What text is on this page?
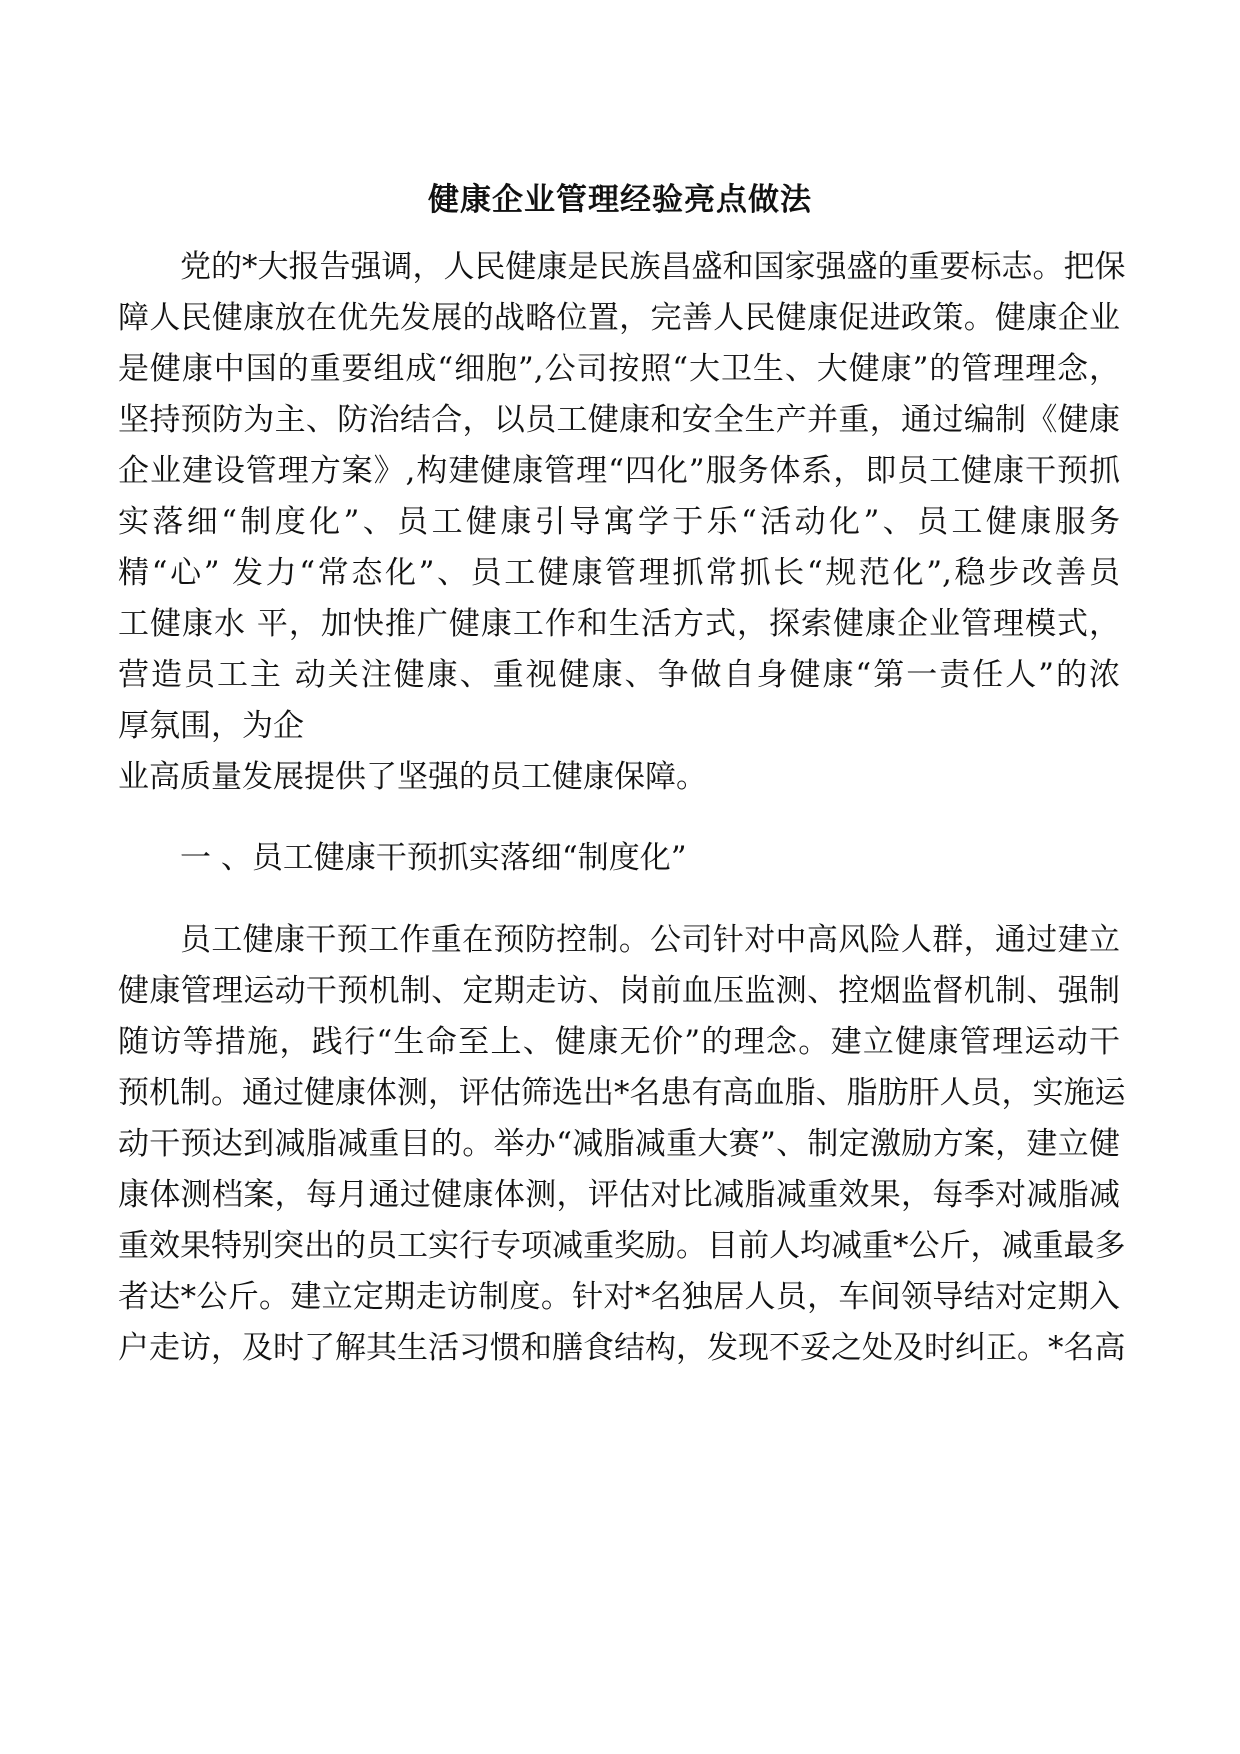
健康企业管理经验亮点做法
党的*大报告强调，人民健康是民族昌盛和国家强盛的重要标志。把保
障人民健康放在优先发展的战略位置，完善人民健康促进政策。健康企业
是健康中国的重要组成“细胞”,公司按照“大卫生、大健康”的管理理念，
坚持预防为主、防治结合，以员工健康和安全生产并重，通过编制《健康
企业建设管理方案》,构建健康管理“四化”服务体系，即员工健康干预抓
实落细“制度化”、员工健康引导寓学于乐“活动化”、员工健康服务
精“心” 发力“常态化”、员工健康管理抓常抓长“规范化”,稳步改善员
工健康水 平，加快推广健康工作和生活方式，探索健康企业管理模式，
营造员工主 动关注健康、重视健康、争做自身健康“第一责任人”的浓
厚氛围，为企
业高质量发展提供了坚强的员工健康保障。
一 、员工健康干预抓实落细“制度化”
员工健康干预工作重在预防控制。公司针对中高风险人群，通过建立
健康管理运动干预机制、定期走访、岗前血压监测、控烟监督机制、强制
随访等措施，践行“生命至上、健康无价”的理念。建立健康管理运动干
预机制。通过健康体测，评估筛选出*名患有高血脂、脂肪肝人员，实施运
动干预达到减脂减重目的。举办“减脂减重大赛”、制定激励方案，建立健
康体测档案，每月通过健康体测，评估对比减脂减重效果，每季对减脂减
重效果特别突出的员工实行专项减重奖励。目前人均减重*公斤，减重最多
者达*公斤。建立定期走访制度。针对*名独居人员，车间领导结对定期入
户走访，及时了解其生活习惯和膳食结构，发现不妥之处及时纠正。*名高
